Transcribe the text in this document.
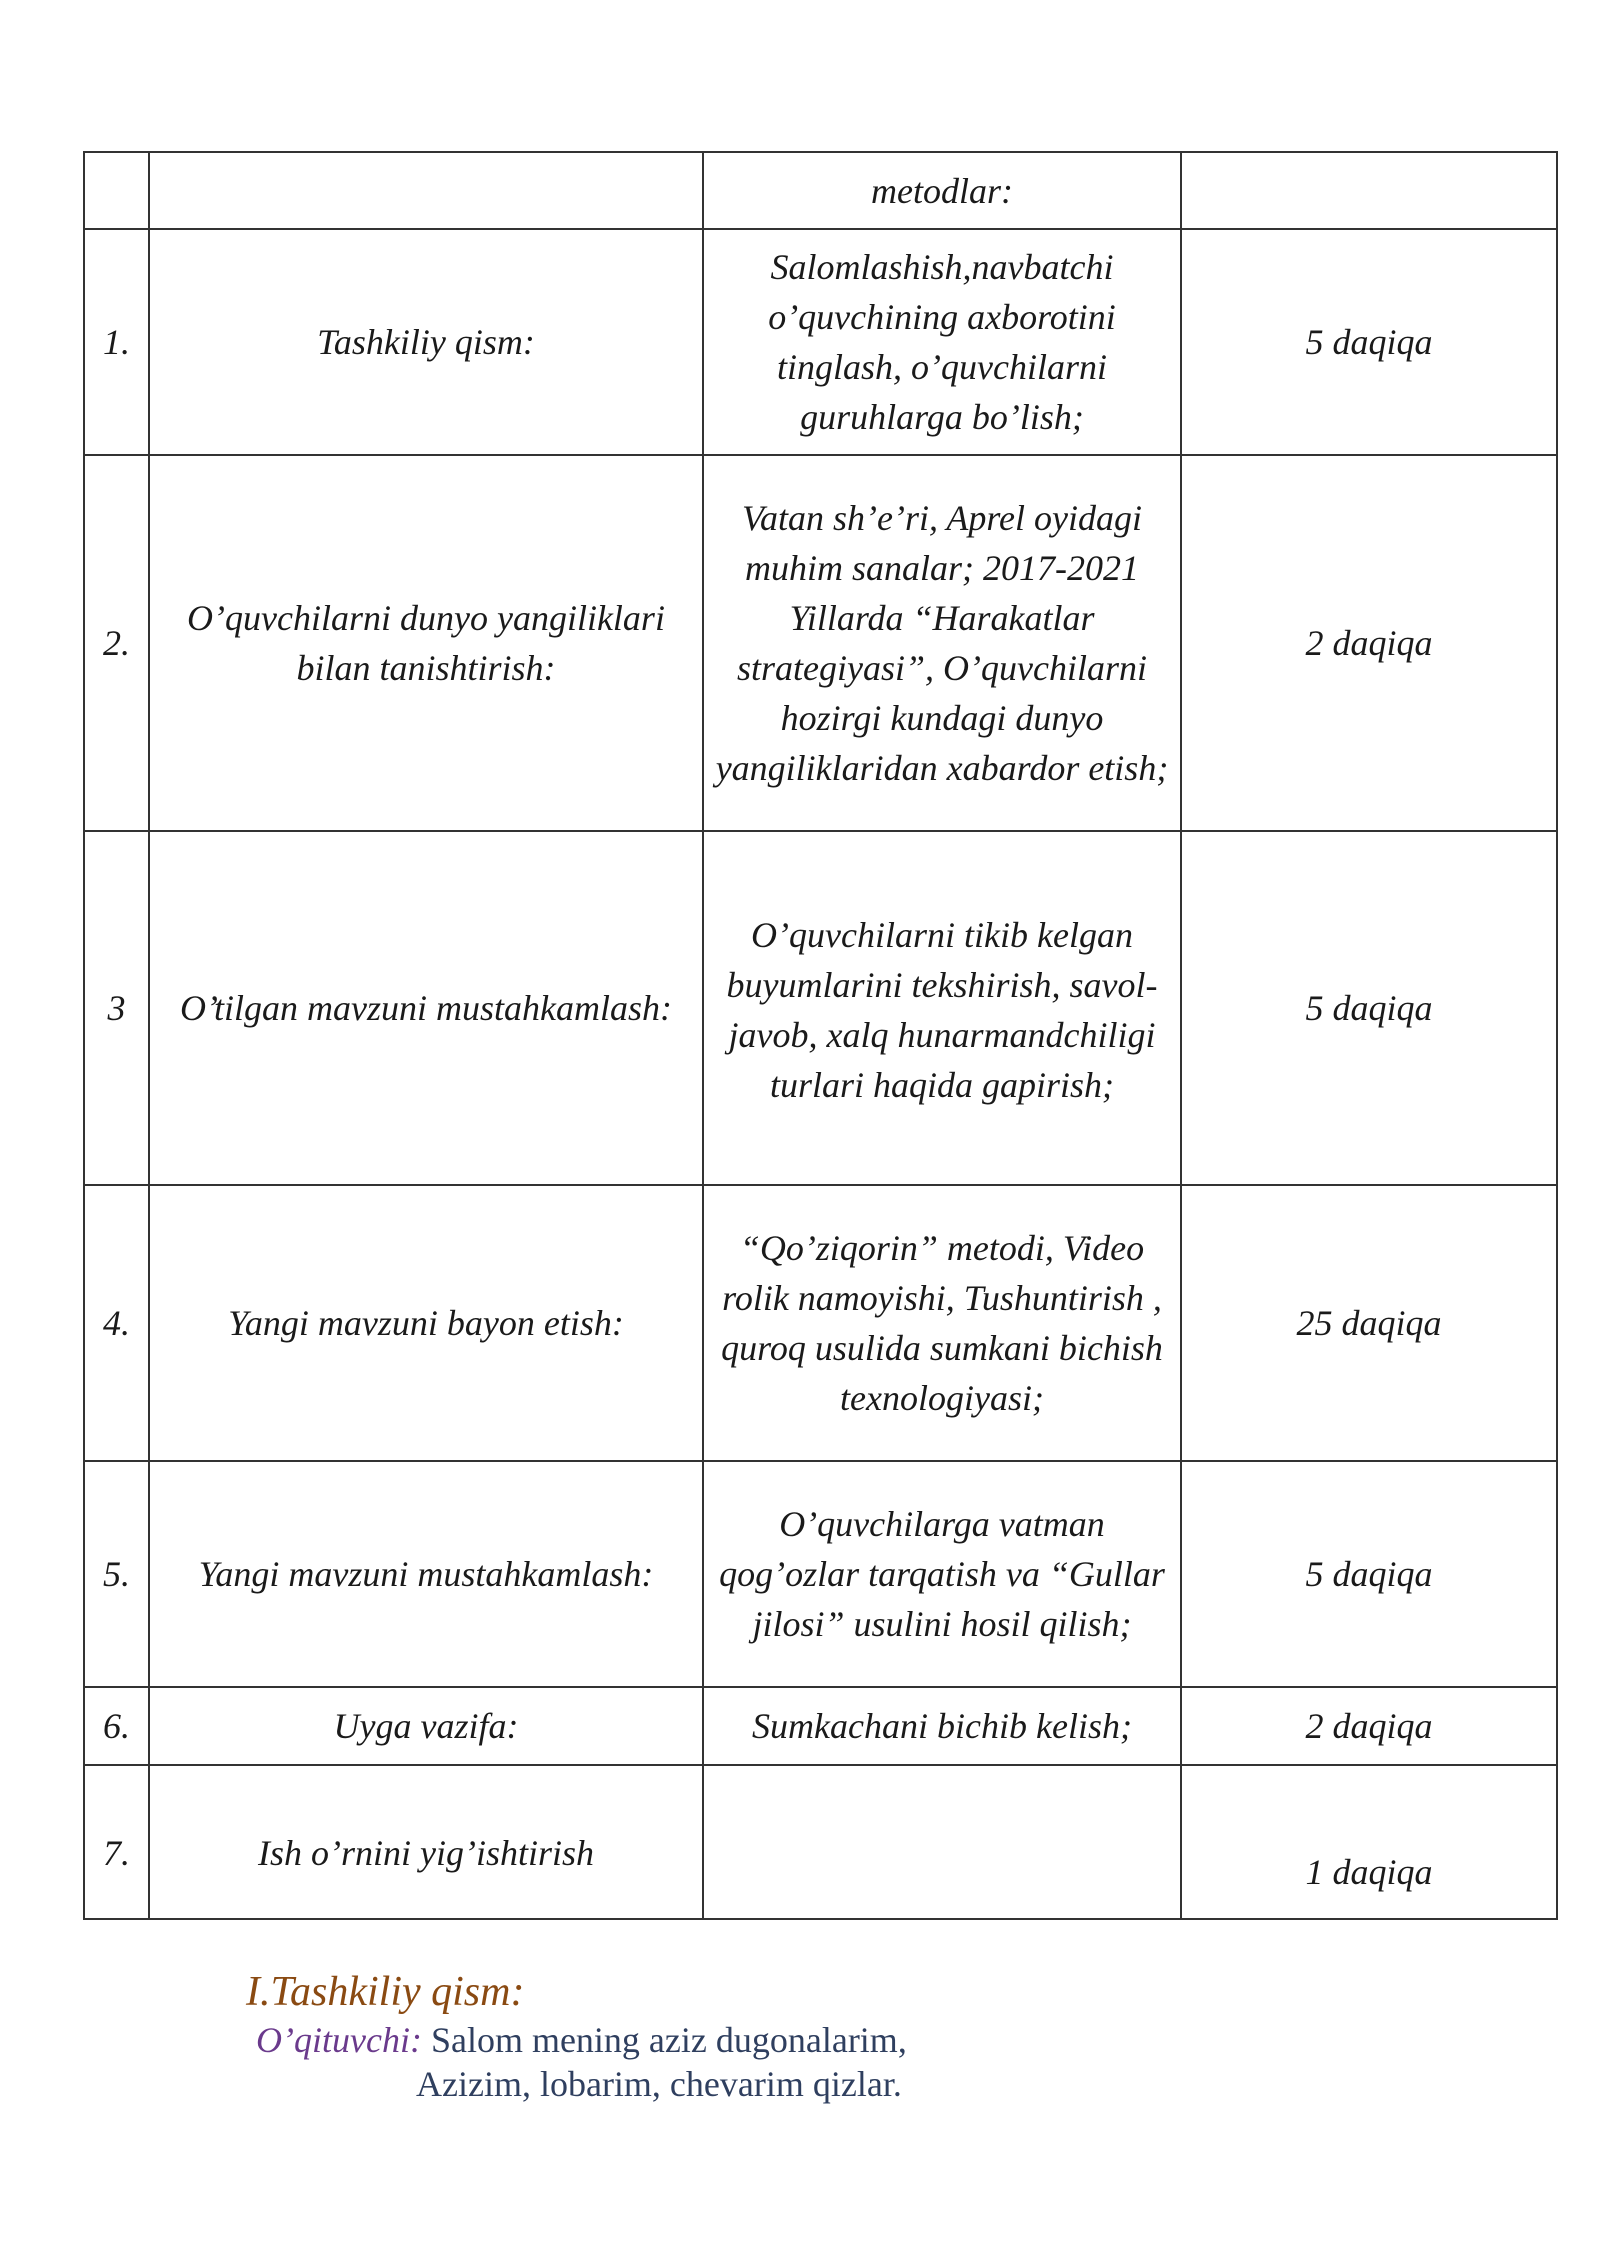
		metodlar:	
1.	Tashkiliy qism:	Salomlashish,navbatchi o’quvchining axborotini tinglash, o’quvchilarni guruhlarga bo’lish;	5 daqiqa
2.	O’quvchilarni dunyo yangiliklari bilan tanishtirish:	Vatan sh’e’ri, Aprel oyidagi muhim sanalar; 2017-2021 Yillarda “Harakatlar strategiyasi”, O’quvchilarni hozirgi kundagi dunyo yangiliklaridan xabardor etish;	2 daqiqa
3	O’tilgan mavzuni mustahkamlash:	O’quvchilarni tikib kelgan buyumlarini tekshirish, savol- javob, xalq hunarmandchiligi turlari haqida gapirish;	5 daqiqa
4.	Yangi mavzuni bayon etish:	“Qo’ziqorin” metodi, Video rolik namoyishi, Tushuntirish , quroq usulida sumkani bichish texnologiyasi;	25 daqiqa
5.	Yangi mavzuni mustahkamlash:	O’quvchilarga vatman qog’ozlar tarqatish va “Gullar jilosi” usulini hosil qilish;	5 daqiqa
6.	Uyga vazifa:	Sumkachani bichib kelish;	2 daqiqa
7.	Ish o’rnini yig’ishtirish		1 daqiqa
I.Tashkiliy qism:
O’qituvchi: Salom mening aziz dugonalarim,
Azizim, lobarim, chevarim qizlar.
